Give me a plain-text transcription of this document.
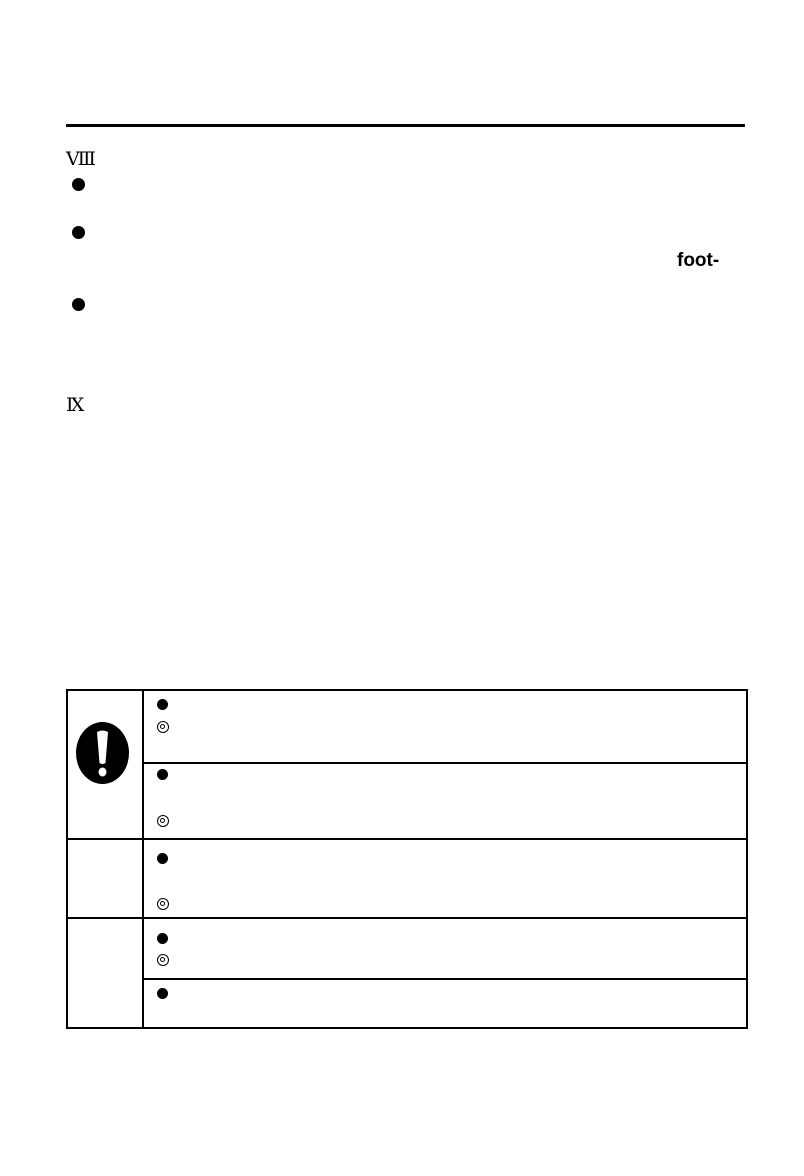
Ⅷ
foot-
Ⅸ
